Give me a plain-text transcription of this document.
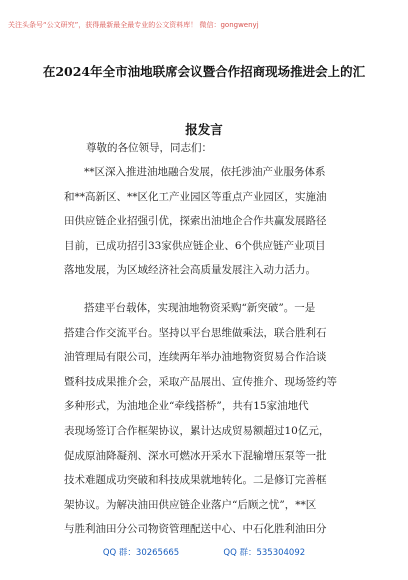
关注头条号“公文研究”，获得最新最全最专业的公文资料库！ 微信：gongwenyj
在2024年全市油地联席会议暨合作招商现场推进会上的汇
报发言
尊敬的各位领导，同志们：
**区深入推进油地融合发展，依托涉油产业服务体系
和**高新区、**区化工产业园区等重点产业园区，实施油
田供应链企业招强引优，探索出油地企合作共赢发展路径
目前，已成功招引33家供应链企业、6个供应链产业项目
落地发展，为区域经济社会高质量发展注入动力活力。
搭建平台载体，实现油地物资采购“新突破”。一是
搭建合作交流平台。坚持以平台思维做乘法，联合胜利石
油管理局有限公司，连续两年举办油地物资贸易合作洽谈
暨科技成果推介会，采取产品展出、宣传推介、现场签约等
多种形式，为油地企业“牵线搭桥”，共有15家油地代
表现场签订合作框架协议，累计达成贸易额超过10亿元，
促成原油降凝剂、深水可燃冰开采水下混输增压泵等一批
技术难题成功突破和科技成果就地转化。二是修订完善框
架协议。为解决油田供应链企业落户“后顾之忧”，**区
与胜利油田分公司物资管理配送中心、中石化胜利油田分
QQ 群：30265665	QQ 群：535304092
